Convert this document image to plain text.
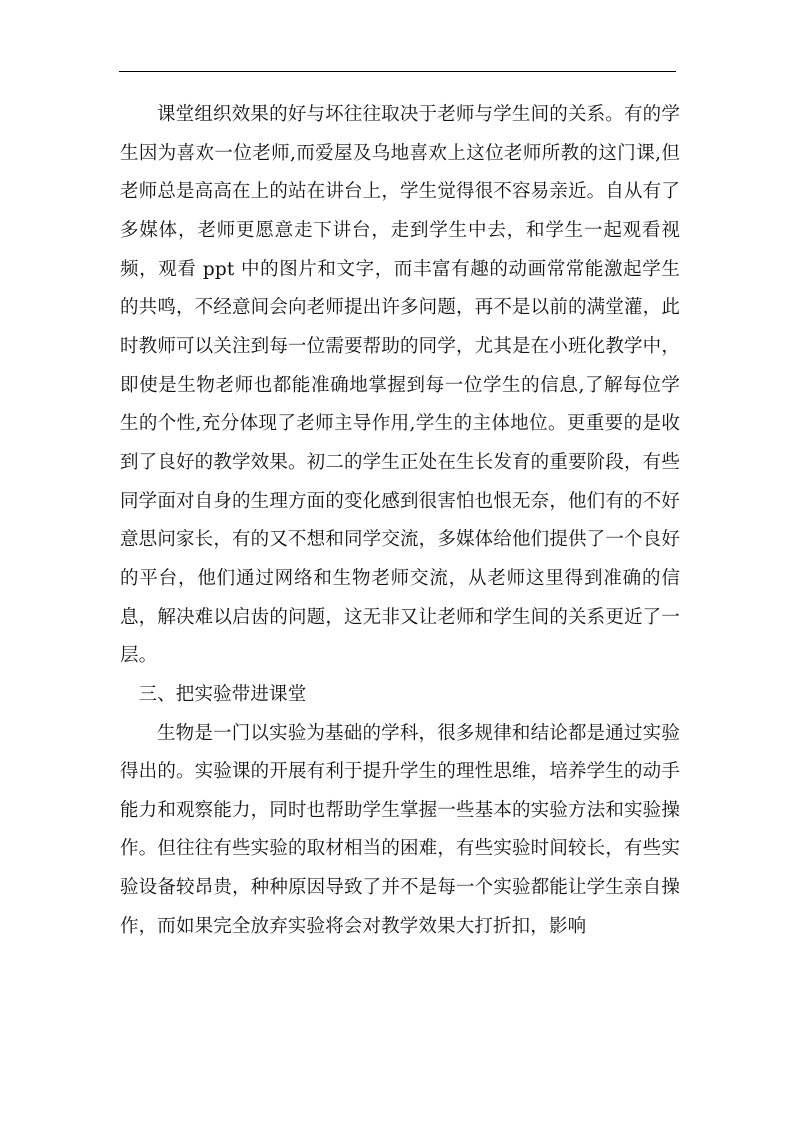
课堂组织效果的好与坏往往取决于老师与学生间的关系。有的学生因为喜欢一位老师,而爱屋及乌地喜欢上这位老师所教的这门课,但老师总是高高在上的站在讲台上，学生觉得很不容易亲近。自从有了多媒体，老师更愿意走下讲台，走到学生中去，和学生一起观看视频，观看 ppt 中的图片和文字，而丰富有趣的动画常常能激起学生的共鸣，不经意间会向老师提出许多问题，再不是以前的满堂灌，此时教师可以关注到每一位需要帮助的同学，尤其是在小班化教学中，即使是生物老师也都能准确地掌握到每一位学生的信息,了解每位学生的个性,充分体现了老师主导作用,学生的主体地位。更重要的是收到了良好的教学效果。初二的学生正处在生长发育的重要阶段，有些同学面对自身的生理方面的变化感到很害怕也恨无奈，他们有的不好意思问家长，有的又不想和同学交流，多媒体给他们提供了一个良好的平台，他们通过网络和生物老师交流，从老师这里得到准确的信息，解决难以启齿的问题，这无非又让老师和学生间的关系更近了一层。

三、把实验带进课堂

生物是一门以实验为基础的学科，很多规律和结论都是通过实验得出的。实验课的开展有利于提升学生的理性思维，培养学生的动手能力和观察能力，同时也帮助学生掌握一些基本的实验方法和实验操作。但往往有些实验的取材相当的困难，有些实验时间较长，有些实验设备较昂贵，种种原因导致了并不是每一个实验都能让学生亲自操作，而如果完全放弃实验将会对教学效果大打折扣，影响
